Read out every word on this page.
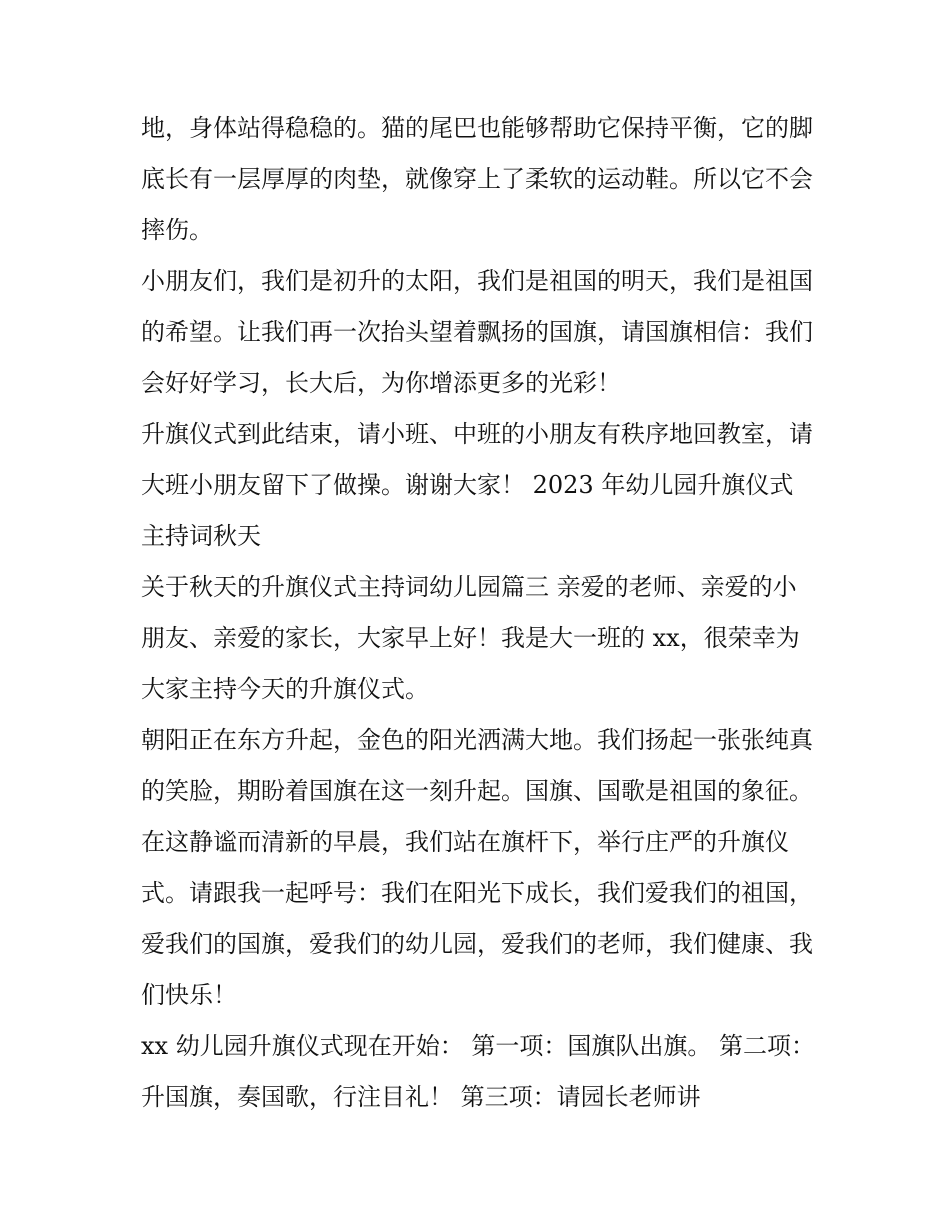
地，身体站得稳稳的。猫的尾巴也能够帮助它保持平衡，它的脚底长有一层厚厚的肉垫，就像穿上了柔软的运动鞋。所以它不会摔伤。

小朋友们，我们是初升的太阳，我们是祖国的明天，我们是祖国的希望。让我们再一次抬头望着飘扬的国旗，请国旗相信：我们会好好学习，长大后，为你增添更多的光彩！

升旗仪式到此结束，请小班、中班的小朋友有秩序地回教室，请大班小朋友留下了做操。谢谢大家！ 2023 年幼儿园升旗仪式主持词秋天

关于秋天的升旗仪式主持词幼儿园篇三 亲爱的老师、亲爱的小朋友、亲爱的家长，大家早上好！我是大一班的 xx，很荣幸为大家主持今天的升旗仪式。

朝阳正在东方升起，金色的阳光洒满大地。我们扬起一张张纯真的笑脸，期盼着国旗在这一刻升起。国旗、国歌是祖国的象征。在这静谧而清新的早晨，我们站在旗杆下，举行庄严的升旗仪式。请跟我一起呼号：我们在阳光下成长，我们爱我们的祖国，爱我们的国旗，爱我们的幼儿园，爱我们的老师，我们健康、我们快乐！

xx 幼儿园升旗仪式现在开始： 第一项：国旗队出旗。 第二项：升国旗，奏国歌，行注目礼！ 第三项：请园长老师讲
